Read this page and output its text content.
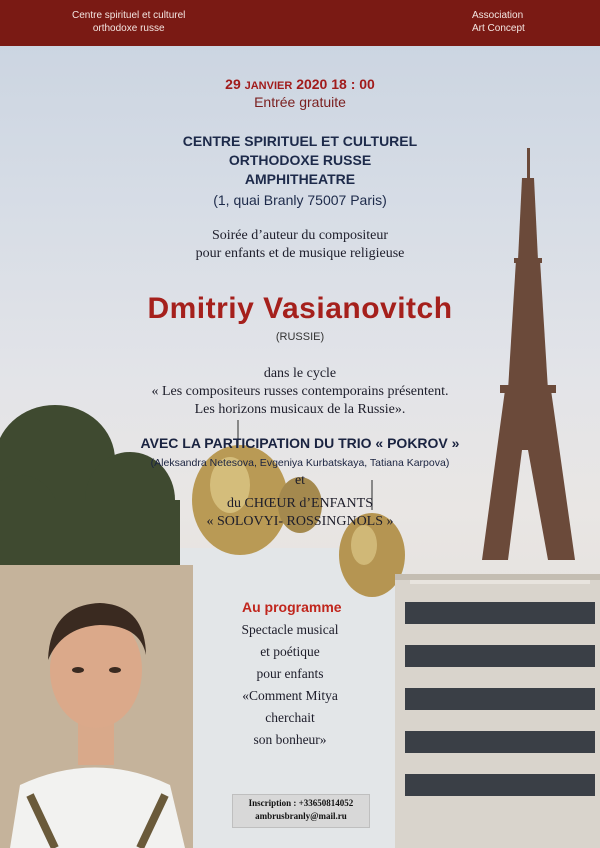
Centre spirituel et culturel
orthodoxe russe
Association
Art Concept
29 JANVIER 2020 18 : 00
Entrée gratuite
CENTRE SPIRITUEL ET CULTUREL
ORTHODOXE RUSSE
AMPHITHEATRE
(1, quai Branly 75007 Paris)
Soirée d’auteur du compositeur
pour enfants et de musique religieuse
Dmitriy Vasianovitch
(RUSSIE)
dans le cycle
« Les compositeurs russes contemporains présentent.
Les horizons musicaux de la Russie».
AVEC LA PARTICIPATION DU TRIO « POKROV »
(Aleksandra Netesova, Evgeniya Kurbatskaya, Tatiana Karpova)
et
du CHŒUR d’ENFANTS
« SOLOVYI- ROSSINGNOLS »
Au programme
Spectacle musical
et poétique
pour enfants
«Comment Mitya
cherchait
son bonheur»
Inscription : +33650814052
ambrusbranly@mail.ru
